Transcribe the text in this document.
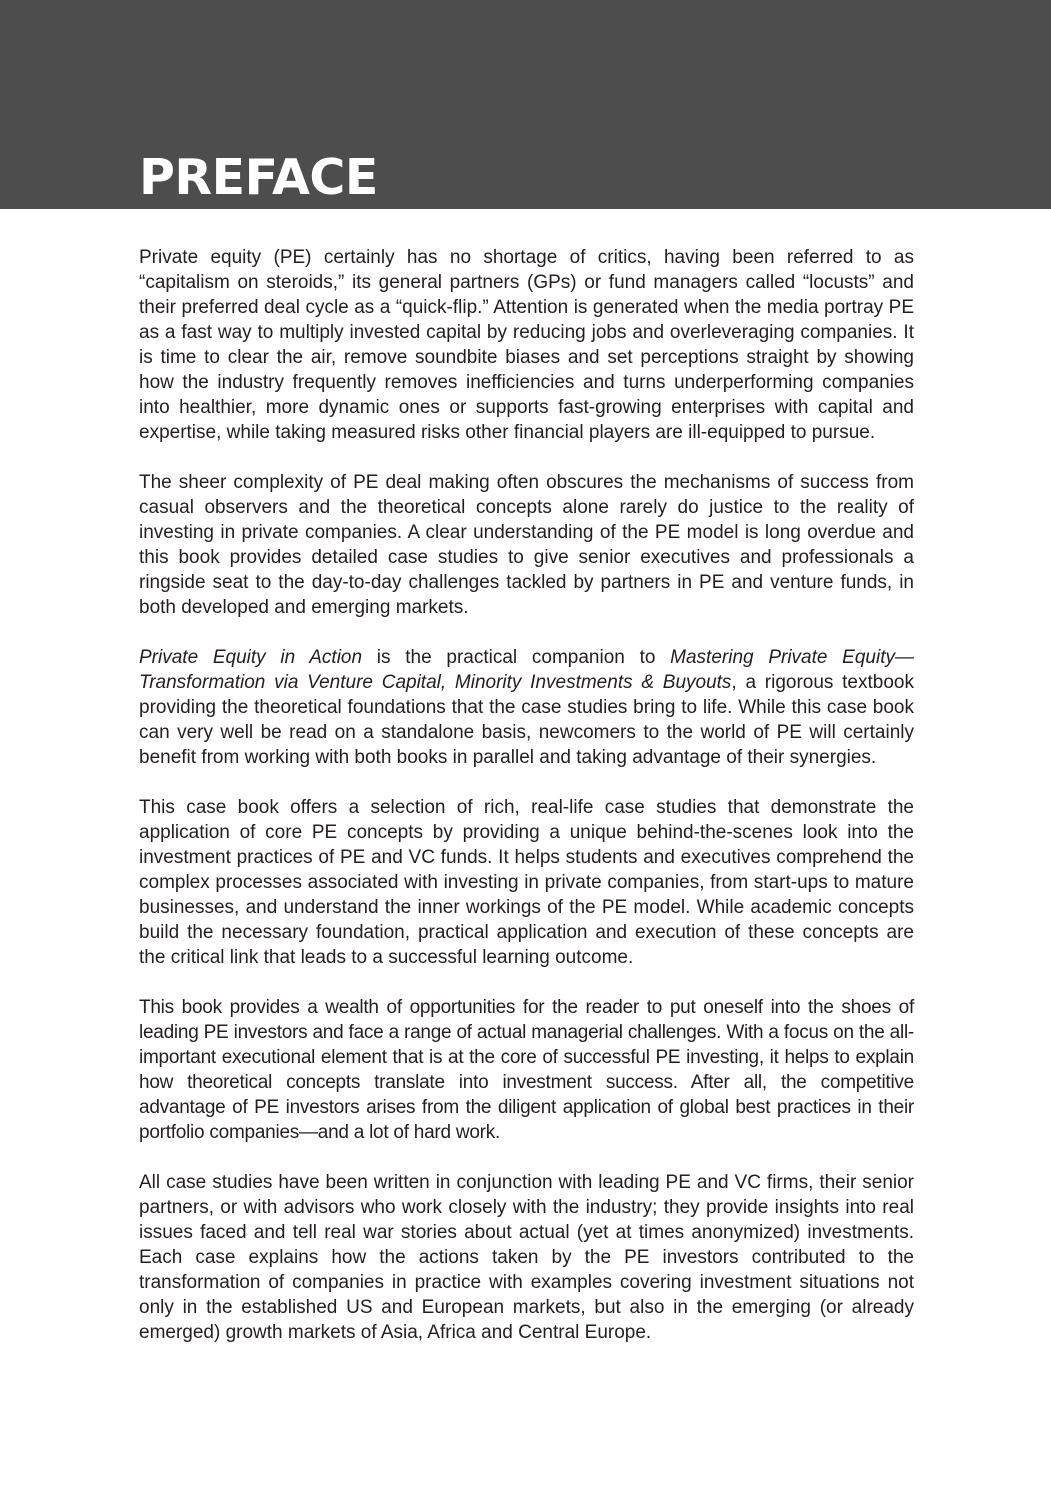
PREFACE

Private equity (PE) certainly has no shortage of critics, having been referred to as “capitalism on steroids,” its general partners (GPs) or fund managers called “locusts” and their preferred deal cycle as a “quick-flip.” Attention is generated when the media portray PE as a fast way to multiply invested capital by reducing jobs and overleveraging companies. It is time to clear the air, remove soundbite biases and set perceptions straight by showing how the industry frequently removes inefficiencies and turns underperforming companies into healthier, more dynamic ones or supports fast-growing enterprises with capital and expertise, while taking measured risks other financial players are ill-equipped to pursue.

The sheer complexity of PE deal making often obscures the mechanisms of success from casual observers and the theoretical concepts alone rarely do justice to the reality of investing in private companies. A clear understanding of the PE model is long overdue and this book provides detailed case studies to give senior executives and professionals a ringside seat to the day-to-day challenges tackled by partners in PE and venture funds, in both developed and emerging markets.

Private Equity in Action is the practical companion to Mastering Private Equity—Transformation via Venture Capital, Minority Investments & Buyouts, a rigorous textbook providing the theoretical foundations that the case studies bring to life. While this case book can very well be read on a standalone basis, newcomers to the world of PE will certainly benefit from working with both books in parallel and taking advantage of their synergies.

This case book offers a selection of rich, real-life case studies that demonstrate the application of core PE concepts by providing a unique behind-the-scenes look into the investment practices of PE and VC funds. It helps students and executives comprehend the complex processes associated with investing in private companies, from start-ups to mature businesses, and understand the inner workings of the PE model. While academic concepts build the necessary foundation, practical application and execution of these concepts are the critical link that leads to a successful learning outcome.

This book provides a wealth of opportunities for the reader to put oneself into the shoes of leading PE investors and face a range of actual managerial challenges. With a focus on the all-important executional element that is at the core of successful PE investing, it helps to explain how theoretical concepts translate into investment success. After all, the competitive advantage of PE investors arises from the diligent application of global best practices in their portfolio companies—and a lot of hard work.

All case studies have been written in conjunction with leading PE and VC firms, their senior partners, or with advisors who work closely with the industry; they provide insights into real issues faced and tell real war stories about actual (yet at times anonymized) investments. Each case explains how the actions taken by the PE investors contributed to the transformation of companies in practice with examples covering investment situations not only in the established US and European markets, but also in the emerging (or already emerged) growth markets of Asia, Africa and Central Europe.
